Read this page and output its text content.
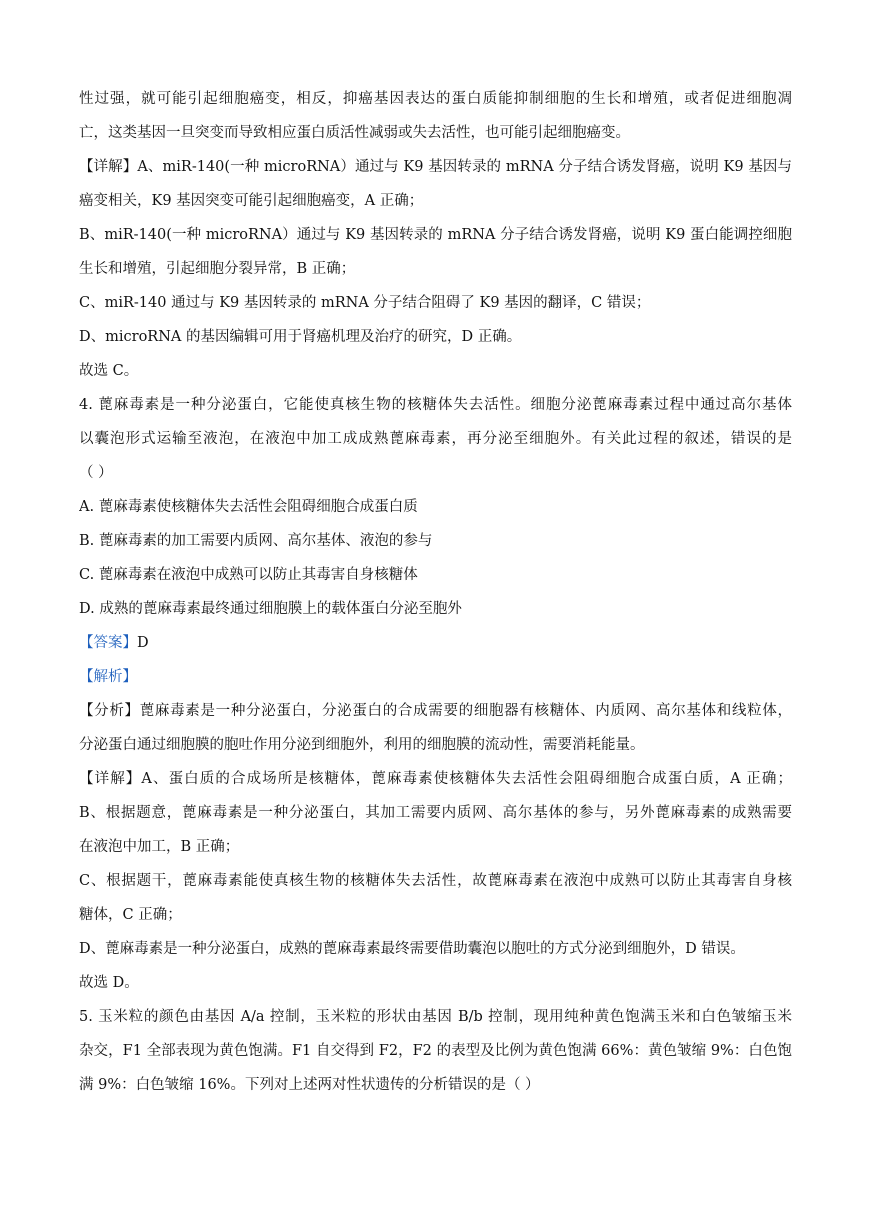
性过强，就可能引起细胞癌变，相反，抑癌基因表达的蛋白质能抑制细胞的生长和增殖，或者促进细胞凋
亡，这类基因一旦突变而导致相应蛋白质活性减弱或失去活性，也可能引起细胞癌变。
【详解】A、miR-140(一种 microRNA）通过与 K9 基因转录的 mRNA 分子结合诱发肾癌，说明 K9 基因与
癌变相关，K9 基因突变可能引起细胞癌变，A 正确；
B、miR-140(一种 microRNA）通过与 K9 基因转录的 mRNA 分子结合诱发肾癌，说明 K9 蛋白能调控细胞
生长和增殖，引起细胞分裂异常，B 正确；
C、miR-140 通过与 K9 基因转录的 mRNA 分子结合阻碍了 K9 基因的翻译，C 错误；
D、microRNA 的基因编辑可用于肾癌机理及治疗的研究，D 正确。
故选 C。
4. 蓖麻毒素是一种分泌蛋白，它能使真核生物的核糖体失去活性。细胞分泌蓖麻毒素过程中通过高尔基体
以囊泡形式运输至液泡，在液泡中加工成成熟蓖麻毒素，再分泌至细胞外。有关此过程的叙述，错误的是
（ ）
A. 蓖麻毒素使核糖体失去活性会阻碍细胞合成蛋白质
B. 蓖麻毒素的加工需要内质网、高尔基体、液泡的参与
C. 蓖麻毒素在液泡中成熟可以防止其毒害自身核糖体
D. 成熟的蓖麻毒素最终通过细胞膜上的载体蛋白分泌至胞外
【答案】D
【解析】
【分析】蓖麻毒素是一种分泌蛋白，分泌蛋白的合成需要的细胞器有核糖体、内质网、高尔基体和线粒体，
分泌蛋白通过细胞膜的胞吐作用分泌到细胞外，利用的细胞膜的流动性，需要消耗能量。
【详解】A、蛋白质的合成场所是核糖体，蓖麻毒素使核糖体失去活性会阻碍细胞合成蛋白质，A 正确；
B、根据题意，蓖麻毒素是一种分泌蛋白，其加工需要内质网、高尔基体的参与，另外蓖麻毒素的成熟需要
在液泡中加工，B 正确；
C、根据题干，蓖麻毒素能使真核生物的核糖体失去活性，故蓖麻毒素在液泡中成熟可以防止其毒害自身核
糖体，C 正确；
D、蓖麻毒素是一种分泌蛋白，成熟的蓖麻毒素最终需要借助囊泡以胞吐的方式分泌到细胞外，D 错误。
故选 D。
5. 玉米粒的颜色由基因 A/a 控制，玉米粒的形状由基因 B/b 控制，现用纯种黄色饱满玉米和白色皱缩玉米
杂交，F1 全部表现为黄色饱满。F1 自交得到 F2，F2 的表型及比例为黄色饱满 66%：黄色皱缩 9%：白色饱
满 9%：白色皱缩 16%。下列对上述两对性状遗传的分析错误的是（ ）
